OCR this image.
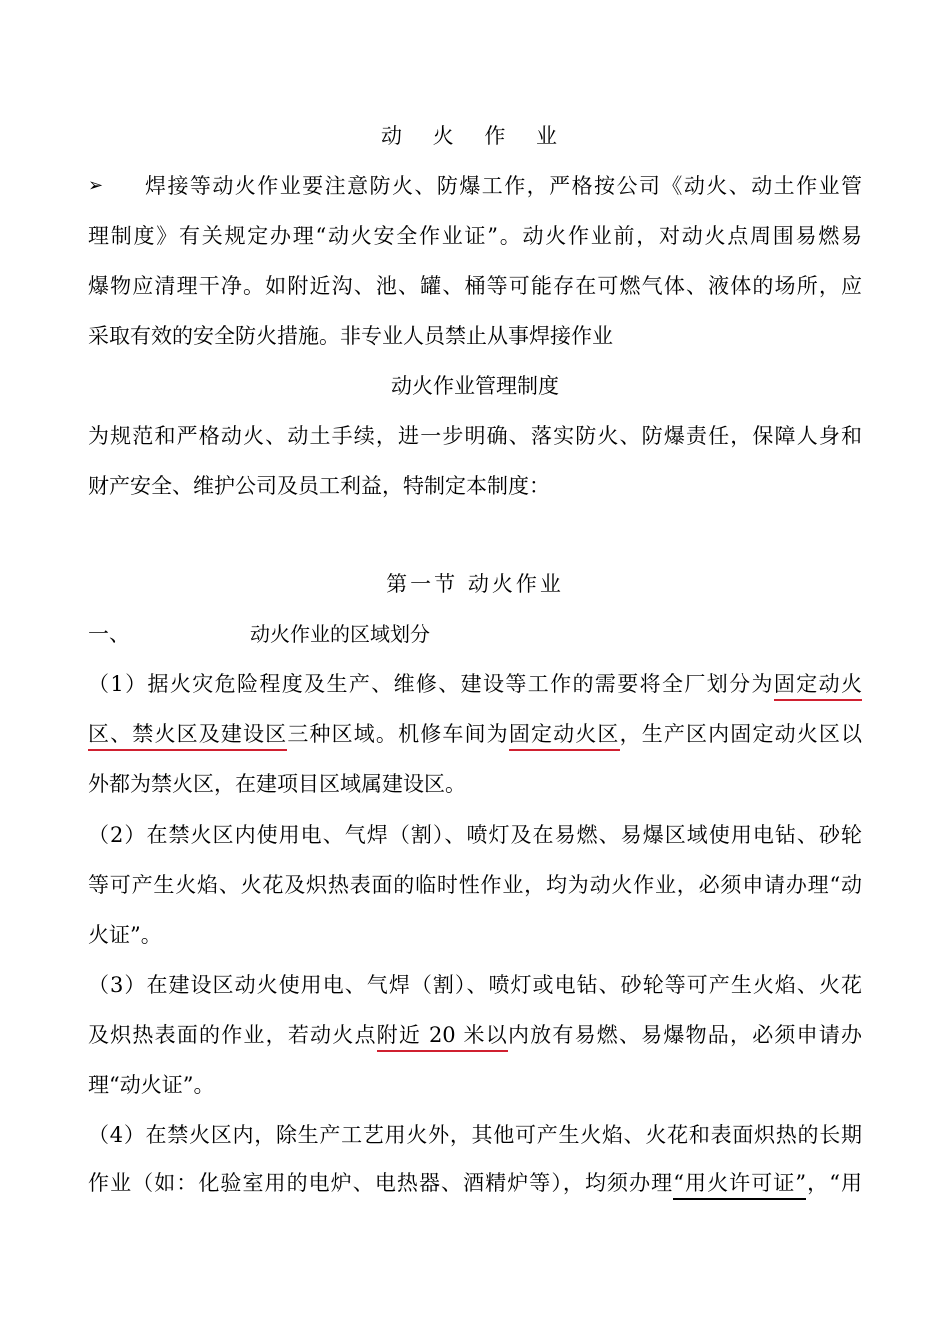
动 火 作 业
➢ 焊接等动火作业要注意防火、防爆工作，严格按公司《动火、动土作业管
理制度》有关规定办理“动火安全作业证”。动火作业前，对动火点周围易燃易
爆物应清理干净。如附近沟、池、罐、桶等可能存在可燃气体、液体的场所，应
采取有效的安全防火措施。非专业人员禁止从事焊接作业
动火作业管理制度
为规范和严格动火、动土手续，进一步明确、落实防火、防爆责任，保障人身和
财产安全、维护公司及员工利益，特制定本制度：
第一节 动火作业
一、	动火作业的区域划分
（1）据火灾危险程度及生产、维修、建设等工作的需要将全厂划分为固定动火
区、禁火区及建设区三种区域。机修车间为固定动火区，生产区内固定动火区以
外都为禁火区，在建项目区域属建设区。
（2）在禁火区内使用电、气焊（割）、喷灯及在易燃、易爆区域使用电钻、砂轮
等可产生火焰、火花及炽热表面的临时性作业，均为动火作业，必须申请办理“动
火证”。
（3）在建设区动火使用电、气焊（割）、喷灯或电钻、砂轮等可产生火焰、火花
及炽热表面的作业，若动火点附近 20 米以内放有易燃、易爆物品，必须申请办
理“动火证”。
（4）在禁火区内，除生产工艺用火外，其他可产生火焰、火花和表面炽热的长期
作业（如：化验室用的电炉、电热器、酒精炉等），均须办理“用火许可证”，“用
